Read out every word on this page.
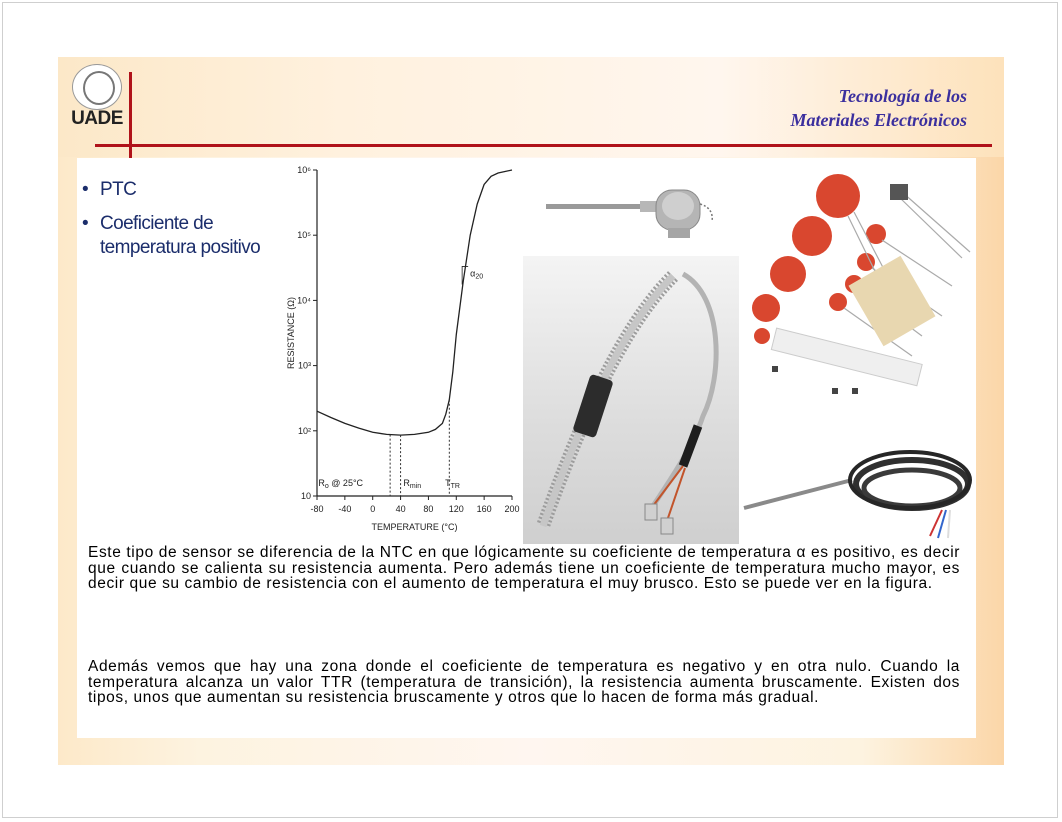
UADE
Tecnología de los
Materiales Electrónicos
• PTC
• Coeficiente de temperatura positivo
-80 -40 0 40 80 120 160 200
10
10²
10³
10⁴
10⁵
10⁶
TEMPERATURE (°C)
RESISTANCE (Ω)
$R_o$ @ 25°C	$R_{min}$	$T_{TR}$
$\alpha_{20}$
Este tipo de sensor se diferencia de la NTC en que lógicamente su coeficiente de temperatura α es positivo, es decir que cuando se calienta su resistencia aumenta. Pero además tiene un coeficiente de temperatura mucho mayor, es decir que su cambio de resistencia con el aumento de temperatura el muy brusco. Esto se puede ver en la figura.
Además vemos que hay una zona donde el coeficiente de temperatura es negativo y en otra nulo. Cuando la temperatura alcanza un valor TTR (temperatura de transición), la resistencia aumenta bruscamente. Existen dos tipos, unos que aumentan su resistencia bruscamente y otros que lo hacen de forma más gradual.
